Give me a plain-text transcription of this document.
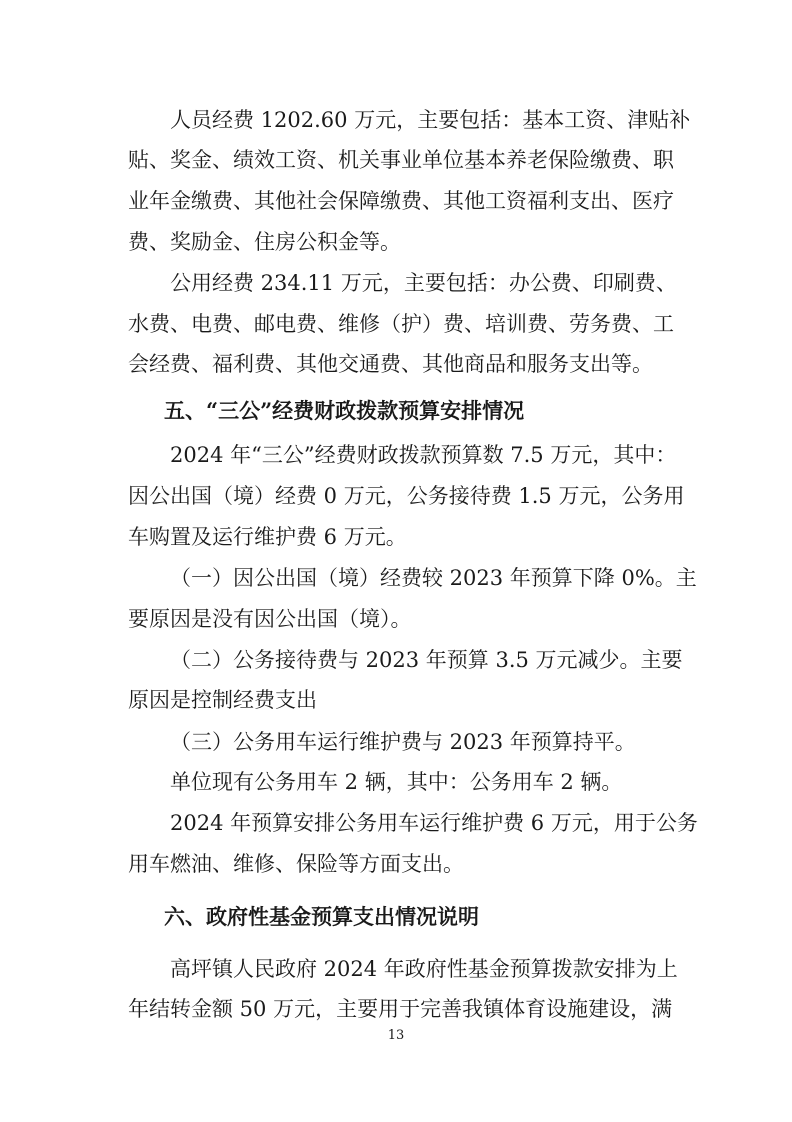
人员经费 1202.60 万元，主要包括：基本工资、津贴补
贴、奖金、绩效工资、机关事业单位基本养老保险缴费、职
业年金缴费、其他社会保障缴费、其他工资福利支出、医疗
费、奖励金、住房公积金等。
公用经费 234.11 万元，主要包括：办公费、印刷费、
水费、电费、邮电费、维修（护）费、培训费、劳务费、工
会经费、福利费、其他交通费、其他商品和服务支出等。
五、“三公”经费财政拨款预算安排情况
2024 年“三公”经费财政拨款预算数 7.5 万元，其中：
因公出国（境）经费 0 万元，公务接待费 1.5 万元，公务用
车购置及运行维护费 6 万元。
（一）因公出国（境）经费较 2023 年预算下降 0%。主
要原因是没有因公出国（境）。
（二）公务接待费与 2023 年预算 3.5 万元减少。主要
原因是控制经费支出
（三）公务用车运行维护费与 2023 年预算持平。
单位现有公务用车 2 辆，其中：公务用车 2 辆。
2024 年预算安排公务用车运行维护费 6 万元，用于公务
用车燃油、维修、保险等方面支出。
六、政府性基金预算支出情况说明
高坪镇人民政府 2024 年政府性基金预算拨款安排为上
年结转金额 50 万元，主要用于完善我镇体育设施建设，满
13
